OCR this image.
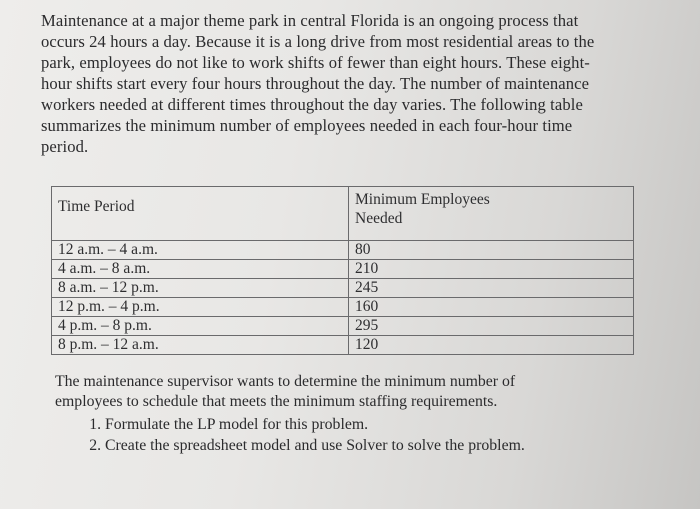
Maintenance at a major theme park in central Florida is an ongoing process that
occurs 24 hours a day. Because it is a long drive from most residential areas to the
park, employees do not like to work shifts of fewer than eight hours. These eight-
hour shifts start every four hours throughout the day. The number of maintenance
workers needed at different times throughout the day varies. The following table
summarizes the minimum number of employees needed in each four-hour time
period.
Time Period	Minimum Employees
Needed
12 a.m. – 4 a.m.	80
4 a.m. – 8 a.m.	210
8 a.m. – 12 p.m.	245
12 p.m. – 4 p.m.	160
4 p.m. – 8 p.m.	295
8 p.m. – 12 a.m.	120
The maintenance supervisor wants to determine the minimum number of
employees to schedule that meets the minimum staffing requirements.
1. Formulate the LP model for this problem.
2. Create the spreadsheet model and use Solver to solve the problem.
